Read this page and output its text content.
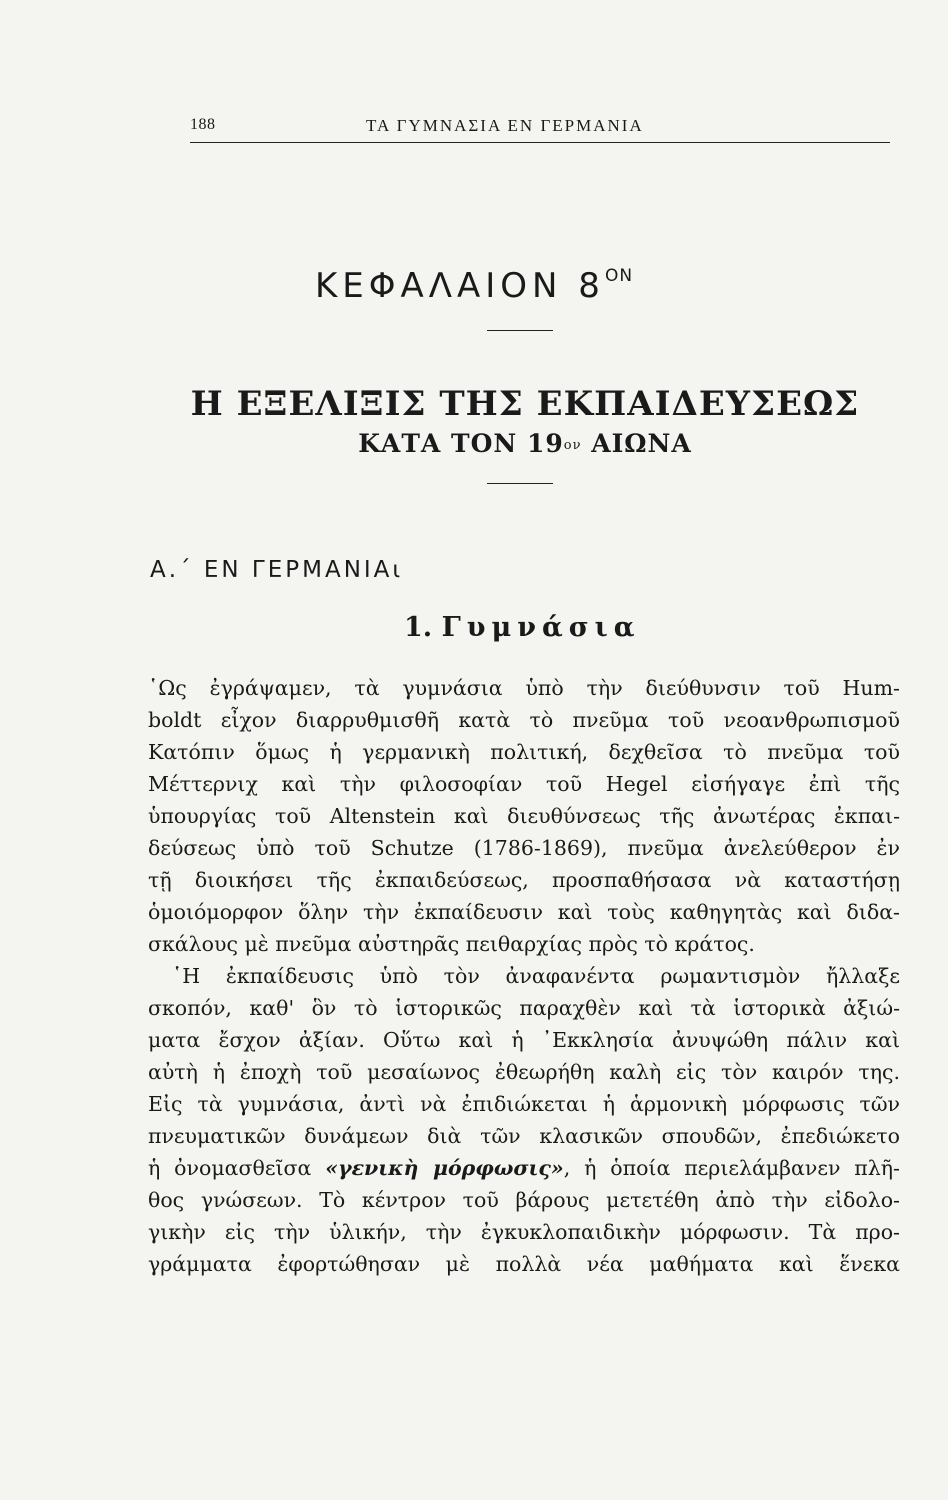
188	ΤΑ ΓΥΜΝΑΣΙΑ ΕΝ ΓΕΡΜΑΝΙΑ
ΚΕΦΑΛΑΙΟΝ $8^{ON}$
Η ΕΞΕΛΙΞΙΣ ΤΗΣ ΕΚΠΑΙΔΕΥΣΕΩΣ
ΚΑΤΑ ΤΟΝ $19^{o\nu}$ ΑΙΩΝΑ
Α.΄ ΕΝ ΓΕΡΜΑΝΙΑι
1. Γυμνάσια
῾Ως ἐγράψαμεν, τὰ γυμνάσια ὑπὸ τὴν διεύθυνσιν τοῦ Hum-
boldt εἶχον διαρρυθμισθῆ κατὰ τὸ πνεῦμα τοῦ νεοανθρωπισμοῦ
Κατόπιν ὅμως ἡ γερμανικὴ πολιτική, δεχθεῖσα τὸ πνεῦμα τοῦ
Μέττερνιχ καὶ τὴν φιλοσοφίαν τοῦ Hegel εἰσήγαγε ἐπὶ τῆς
ὑπουργίας τοῦ Altenstein καὶ διευθύνσεως τῆς ἀνωτέρας ἐκπαι-
δεύσεως ὑπὸ τοῦ Schutze (1786-1869), πνεῦμα ἀνελεύθερον ἐν
τῇ διοικήσει τῆς ἐκπαιδεύσεως, προσπαθήσασα νὰ καταστήσῃ
ὁμοιόμορφον ὅλην τὴν ἐκπαίδευσιν καὶ τοὺς καθηγητὰς καὶ διδα-
σκάλους μὲ πνεῦμα αὐστηρᾶς πειθαρχίας πρὸς τὸ κράτος.
῾Η ἐκπαίδευσις ὑπὸ τὸν ἀναφανέντα ρωμαντισμὸν ἤλλαξε
σκοπόν, καθ' ὃν τὸ ἱστορικῶς παραχθὲν καὶ τὰ ἱστορικὰ ἀξιώ-
ματα ἔσχον ἀξίαν. Οὕτω καὶ ἡ ᾿Εκκλησία ἀνυψώθη πάλιν καὶ
αὐτὴ ἡ ἐποχὴ τοῦ μεσαίωνος ἐθεωρήθη καλὴ εἰς τὸν καιρόν της.
Εἰς τὰ γυμνάσια, ἀντὶ νὰ ἐπιδιώκεται ἡ ἁρμονικὴ μόρφωσις τῶν
πνευματικῶν δυνάμεων διὰ τῶν κλασικῶν σπουδῶν, ἐπεδιώκετο
ἡ ὀνομασθεῖσα «γενικὴ μόρφωσις», ἡ ὁποία περιελάμβανεν πλῆ-
θος γνώσεων. Τὸ κέντρον τοῦ βάρους μετετέθη ἀπὸ τὴν εἰδολο-
γικὴν εἰς τὴν ὑλικήν, τὴν ἐγκυκλοπαιδικὴν μόρφωσιν. Τὰ προ-
γράμματα ἐφορτώθησαν μὲ πολλὰ νέα μαθήματα καὶ ἕνεκα
